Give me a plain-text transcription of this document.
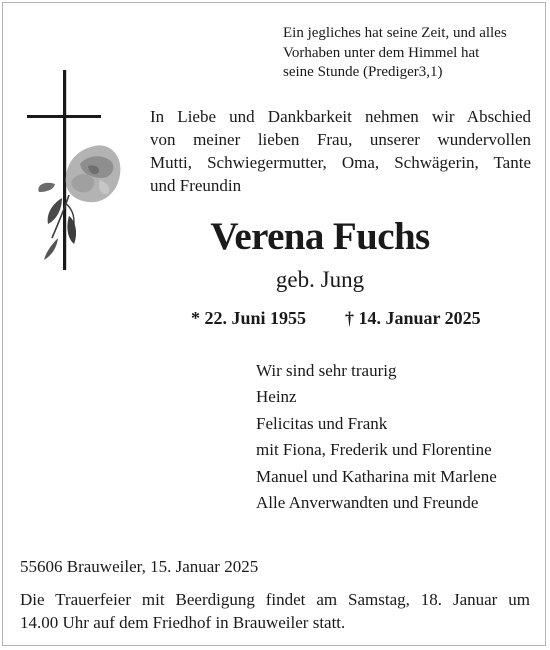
Ein jegliches hat seine Zeit, und alles
Vorhaben unter dem Himmel hat
seine Stunde (Prediger3,1)
In Liebe und Dankbarkeit nehmen wir Abschied
von meiner lieben Frau, unserer wundervollen
Mutti, Schwiegermutter, Oma, Schwägerin, Tante
und Freundin
Verena Fuchs
geb. Jung
* 22. Juni 1955 † 14. Januar 2025
Wir sind sehr traurig
Heinz
Felicitas und Frank
mit Fiona, Frederik und Florentine
Manuel und Katharina mit Marlene
Alle Anverwandten und Freunde
55606 Brauweiler, 15. Januar 2025
Die Trauerfeier mit Beerdigung findet am Samstag, 18. Januar um
14.00 Uhr auf dem Friedhof in Brauweiler statt.
